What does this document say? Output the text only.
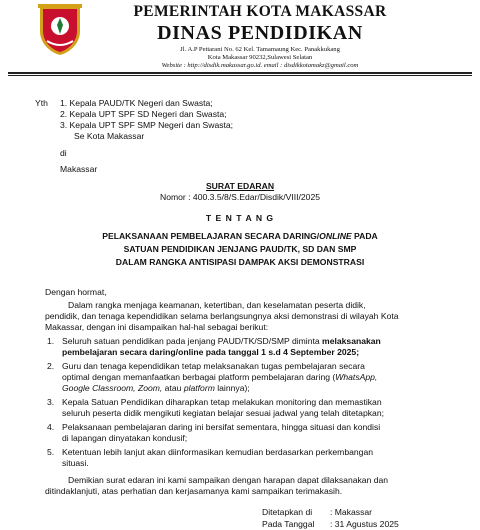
PEMERINTAH KOTA MAKASSAR
DINAS PENDIDIKAN
Jl. A.P Pettarani No. 62 Kel. Tamamaung Kec. Panakkukang
Kota Makassar 90232,Sulawesi Selatan
Website : http://disdik.makassar.go.id. email : disdikkotamakz@gmail.com
Yth 1. Kepala PAUD/TK Negeri dan Swasta;
2. Kepala UPT SPF SD Negeri dan Swasta;
3. Kepala UPT SPF SMP Negeri dan Swasta;
Se Kota Makassar
di
Makassar
SURAT EDARAN
Nomor : 400.3.5/8/S.Edar/Disdik/VIII/2025
T E N T A N G
PELAKSANAAN PEMBELAJARAN SECARA DARING/ONLINE PADA
SATUAN PENDIDIKAN JENJANG PAUD/TK, SD DAN SMP
DALAM RANGKA ANTISIPASI DAMPAK AKSI DEMONSTRASI
Dengan hormat,
Dalam rangka menjaga keamanan, ketertiban, dan keselamatan peserta didik,
pendidik, dan tenaga kependidikan selama berlangsungnya aksi demonstrasi di wilayah Kota
Makassar, dengan ini disampaikan hal-hal sebagai berikut:
1. Seluruh satuan pendidikan pada jenjang PAUD/TK/SD/SMP diminta melaksanakan
pembelajaran secara daring/online pada tanggal 1 s.d 4 September 2025;
2. Guru dan tenaga kependidikan tetap melaksanakan tugas pembelajaran secara
optimal dengan memanfaatkan berbagai platform pembelajaran daring (WhatsApp,
Google Classroom, Zoom, atau platform lainnya);
3. Kepala Satuan Pendidikan diharapkan tetap melakukan monitoring dan memastikan
seluruh peserta didik mengikuti kegiatan belajar sesuai jadwal yang telah ditetapkan;
4. Pelaksanaan pembelajaran daring ini bersifat sementara, hingga situasi dan kondisi
di lapangan dinyatakan kondusif;
5. Ketentuan lebih lanjut akan diinformasikan kemudian berdasarkan perkembangan
situasi.
Demikian surat edaran ini kami sampaikan dengan harapan dapat dilaksanakan dan
ditindaklanjuti, atas perhatian dan kerjasamanya kami sampaikan terimakasih.
Ditetapkan di : Makassar
Pada Tanggal : 31 Agustus 2025
